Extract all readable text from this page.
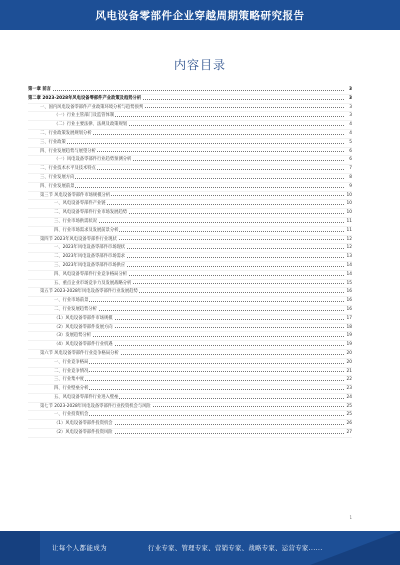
风电设备零部件企业穿越周期策略研究报告
内容目录
第一章 前言	3
第二章 2023-2028年风电设备零部件产业政策及趋势分析	3
一、国内风电设备零部件产业政策环境分析与趋势预判	3
（一）行业主管部门及监管体制	3
（二）行业主要法律、法规及政策规划	4
二、行业政策发展规划分析	4
三、行业政策	5
四、行业发展趋势与展望分析	6
（一）风电设备零部件行业趋势预测分析	6
二、行业技术水平及技术特点	7
三、行业发展方向	8
四、行业发展前景	9
第三节 风电设备零部件市场规模分析	10
一、风电设备零部件产业链	10
二、风电设备零部件行业市场发展趋势	10
三、行业市场供需状况	11
四、行业市场需求及发展前景分析	11
第四节 2023年风电设备零部件行业现状	12
一、2023年风电设备零部件市场现状	12
二、2023年风电设备零部件市场需求	13
三、2023年风电设备零部件市场供应	14
四、风电设备零部件行业竞争格局分析	14
五、重点企业市场竞争力及发展战略分析	15
第五节 2023-2028年风电设备零部件行业发展趋势	16
一、行业市场前景	16
二、行业发展趋势分析	16
（1）风电设备零部件市场规模	17
（2）风电设备零部件发展方向	18
（3）发展趋势分析	19
（4）风电设备零部件行业机遇	19
第六节 风电设备零部件行业竞争格局分析	20
一、行业竞争格局	20
二、行业竞争情况	21
三、行业集中度	22
四、行业壁垒分析	23
五、风电设备零部件行业进入壁垒	24
第七节 2023-2028年风电设备零部件行业投资机会与风险	25
一、行业投资机会	25
（1）风电设备零部件投资机会	26
（2）风电设备零部件投资风险	27
1
让每个人都能成为	行业专家、管理专家、营销专家、战略专家、运营专家......
